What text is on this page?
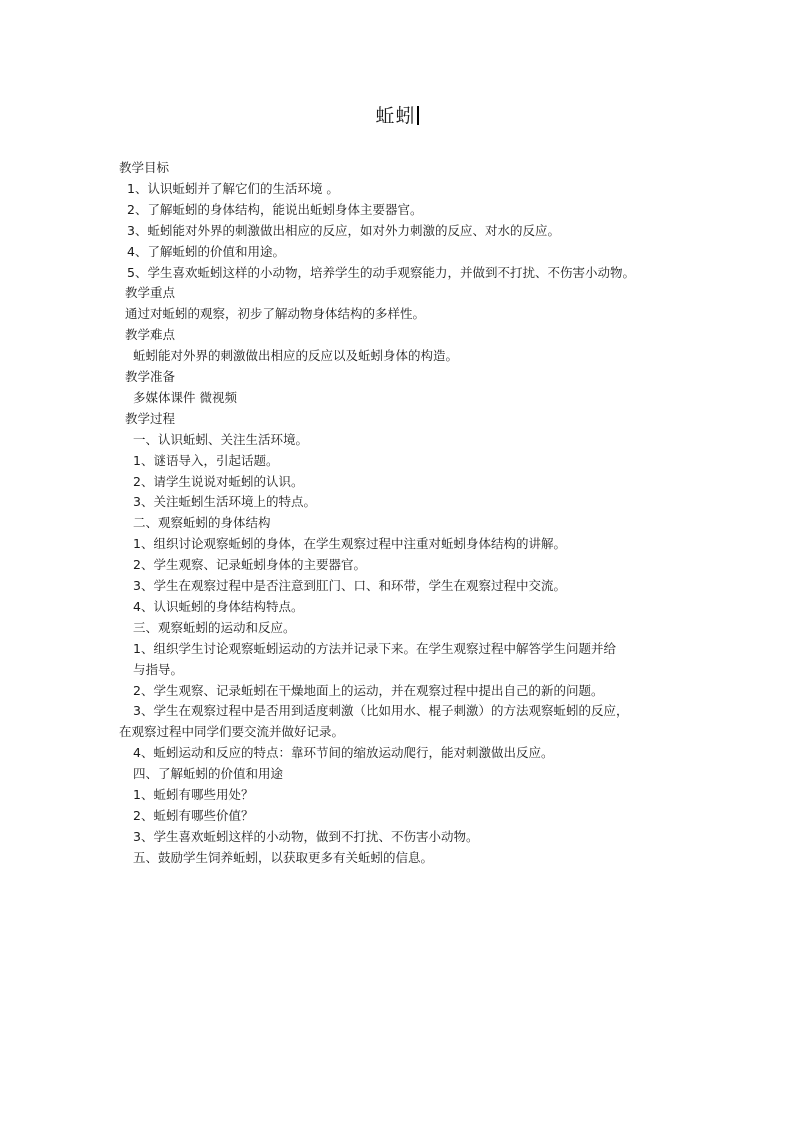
蚯蚓
教学目标
1、认识蚯蚓并了解它们的生活环境 。
2、了解蚯蚓的身体结构，能说出蚯蚓身体主要器官。
3、蚯蚓能对外界的刺激做出相应的反应，如对外力刺激的反应、对水的反应。
4、了解蚯蚓的价值和用途。
5、学生喜欢蚯蚓这样的小动物，培养学生的动手观察能力，并做到不打扰、不伤害小动物。
教学重点
通过对蚯蚓的观察，初步了解动物身体结构的多样性。
教学难点
蚯蚓能对外界的刺激做出相应的反应以及蚯蚓身体的构造。
教学准备
多媒体课件 微视频
教学过程
一、认识蚯蚓、关注生活环境。
1、谜语导入，引起话题。
2、请学生说说对蚯蚓的认识。
3、关注蚯蚓生活环境上的特点。
二、观察蚯蚓的身体结构
1、组织讨论观察蚯蚓的身体，在学生观察过程中注重对蚯蚓身体结构的讲解。
2、学生观察、记录蚯蚓身体的主要器官。
3、学生在观察过程中是否注意到肛门、口、和环带，学生在观察过程中交流。
4、认识蚯蚓的身体结构特点。
三、观察蚯蚓的运动和反应。
1、组织学生讨论观察蚯蚓运动的方法并记录下来。在学生观察过程中解答学生问题并给
与指导。
2、学生观察、记录蚯蚓在干燥地面上的运动，并在观察过程中提出自己的新的问题。
3、学生在观察过程中是否用到适度刺激（比如用水、棍子刺激）的方法观察蚯蚓的反应，
在观察过程中同学们要交流并做好记录。
4、蚯蚓运动和反应的特点：靠环节间的缩放运动爬行，能对刺激做出反应。
四、了解蚯蚓的价值和用途
1、蚯蚓有哪些用处？
2、蚯蚓有哪些价值？
3、学生喜欢蚯蚓这样的小动物，做到不打扰、不伤害小动物。
五、鼓励学生饲养蚯蚓，以获取更多有关蚯蚓的信息。
